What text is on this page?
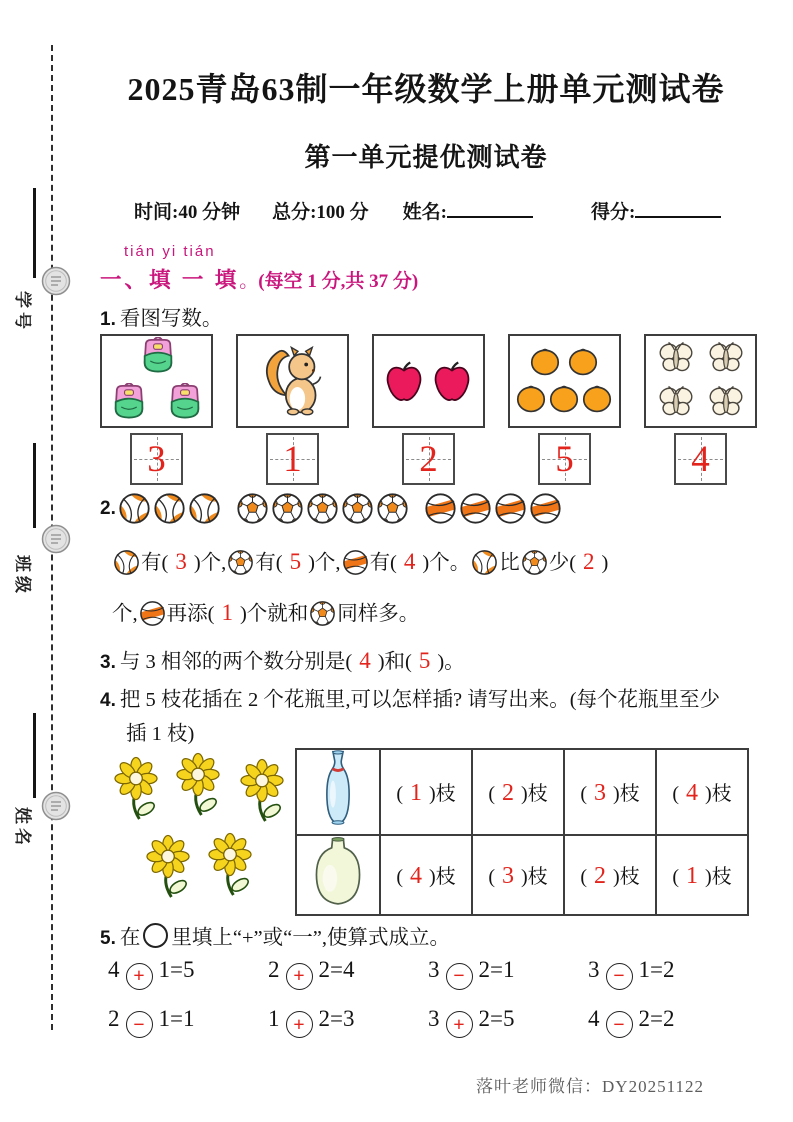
学号
班级
姓名
2025青岛63制一年级数学上册单元测试卷
第一单元提优测试卷
时间:40 分钟 总分:100 分 姓名:	得分:
tián yi tián
一、填 一 填。(每空 1 分,共 37 分)
1. 看图写数。
3	1	2	5	4
2.
有( 3 )个, 有( 5 )个, 有( 4 )个。 比 少( 2 )
个, 再添( 1 )个就和 同样多。
3. 与 3 相邻的两个数分别是( 4 )和( 5 )。
4. 把 5 枝花插在 2 个花瓶里,可以怎样插? 请写出来。(每个花瓶里至少
插 1 枝)
	( 1 )枝	( 2 )枝	( 3 )枝	( 4 )枝
	( 4 )枝	( 3 )枝	( 2 )枝	( 1 )枝
5. 在 里填上“+”或“一”,使算式成立。
4 + 1=5	2 + 2=4	3 − 2=1	3 − 1=2
2 − 1=1	1 + 2=3	3 + 2=5	4 − 2=2
落叶老师微信：DY20251122
